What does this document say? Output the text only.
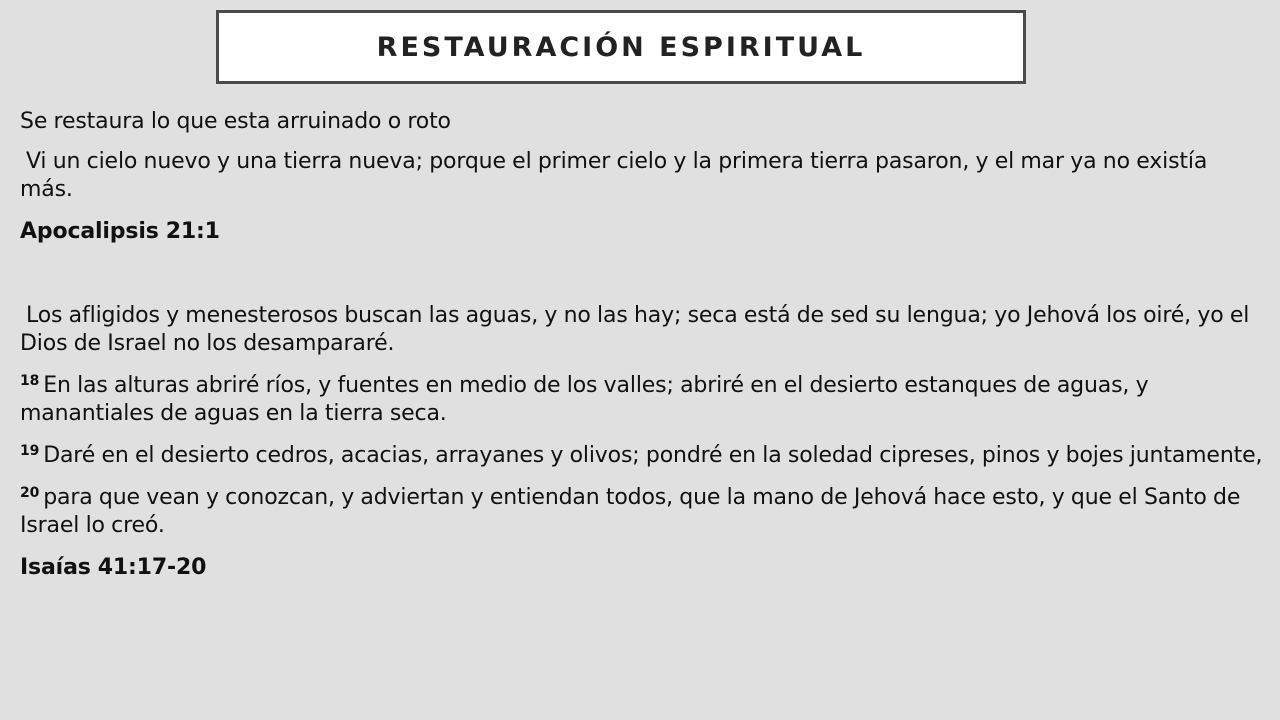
RESTAURACIÓN ESPIRITUAL

Se restaura lo que esta arruinado o roto

Vi un cielo nuevo y una tierra nueva; porque el primer cielo y la primera tierra pasaron, y el mar ya no existía más.

Apocalipsis 21:1

Los afligidos y menesterosos buscan las aguas, y no las hay; seca está de sed su lengua; yo Jehová los oiré, yo el Dios de Israel no los desampararé.

$^{18}$ En las alturas abriré ríos, y fuentes en medio de los valles; abriré en el desierto estanques de aguas, y manantiales de aguas en la tierra seca.

$^{19}$ Daré en el desierto cedros, acacias, arrayanes y olivos; pondré en la soledad cipreses, pinos y bojes juntamente,

$^{20}$ para que vean y conozcan, y adviertan y entiendan todos, que la mano de Jehová hace esto, y que el Santo de Israel lo creó.

Isaías 41:17-20
